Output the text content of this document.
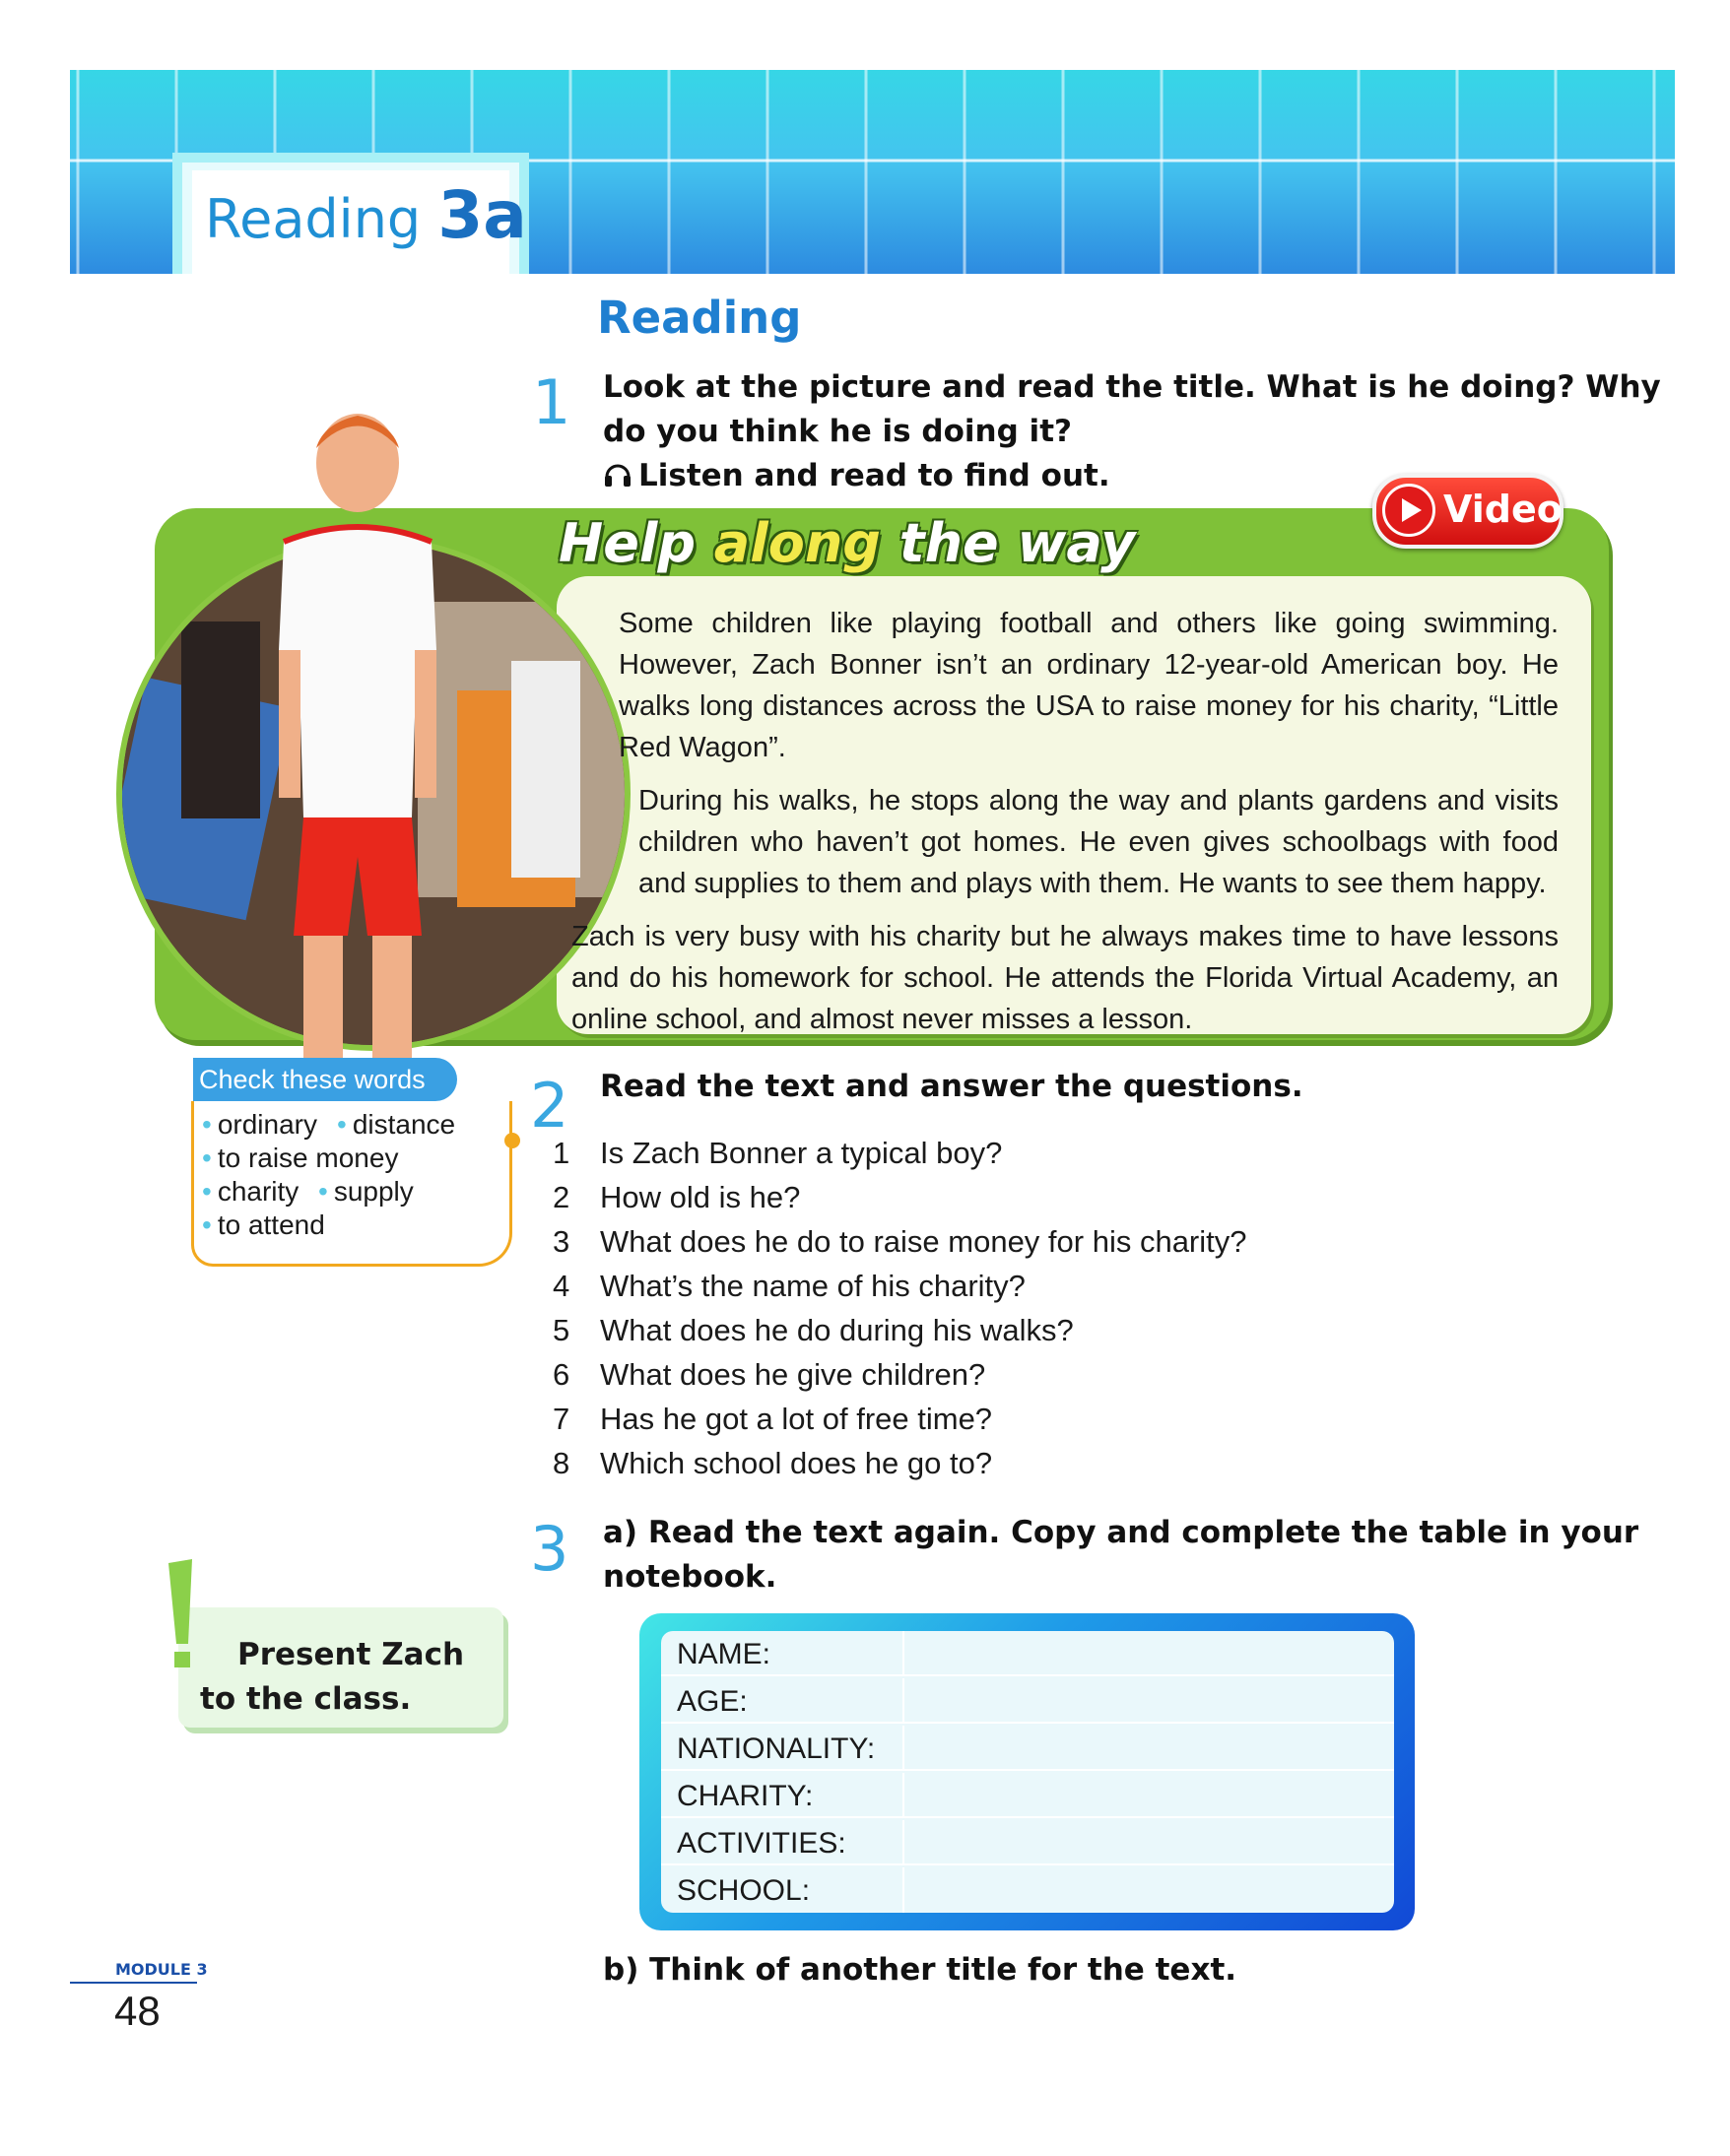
Reading 3a
Reading
1 Look at the picture and read the title. What is he doing? Why
do you think he is doing it?
Listen and read to find out.
Help along the way
Video

Some children like playing football and others like going swimming. However, Zach Bonner isn’t an ordinary 12-year-old American boy. He walks long distances across the USA to raise money for his charity, “Little Red Wagon”.

During his walks, he stops along the way and plants gardens and visits children who haven’t got homes. He even gives schoolbags with food and supplies to them and plays with them. He wants to see them happy.

Zach is very busy with his charity but he always makes time to have lessons and do his homework for school. He attends the Florida Virtual Academy, an online school, and almost never misses a lesson.

Check these words
• ordinary	• distance
• to raise money
• charity	• supply
• to attend
2 Read the text and answer the questions.
1 Is Zach Bonner a typical boy?
2 How old is he?
3 What does he do to raise money for his charity?
4 What’s the name of his charity?
5 What does he do during his walks?
6 What does he give children?
7 Has he got a lot of free time?
8 Which school does he go to?
Present Zach
to the class.
3 a) Read the text again. Copy and complete the table in your
notebook.
NAME:
AGE:
NATIONALITY:
CHARITY:
ACTIVITIES:
SCHOOL:
b) Think of another title for the text.
MODULE 3
48
